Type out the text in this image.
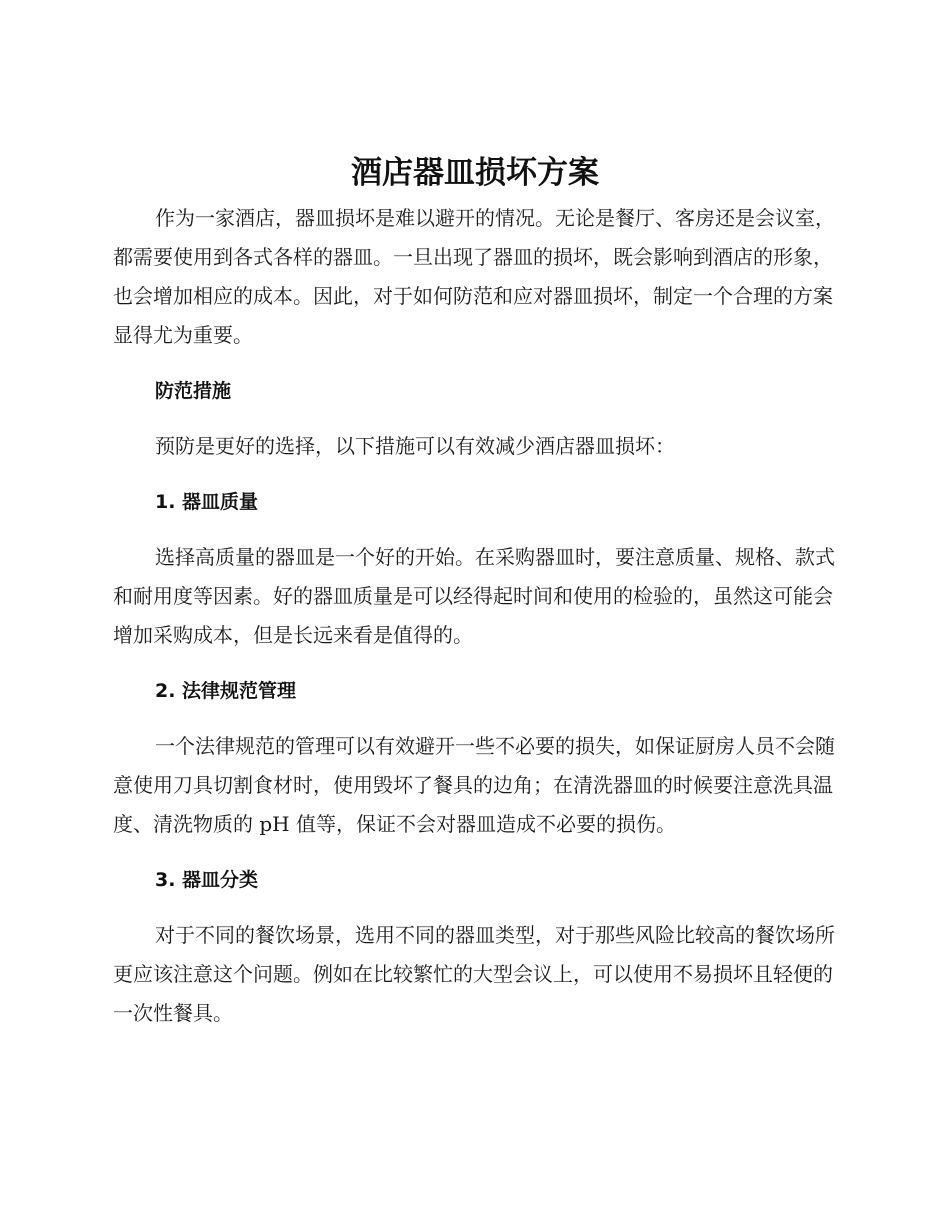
酒店器皿损坏方案

作为一家酒店，器皿损坏是难以避开的情况。无论是餐厅、客房还是会议室，都需要使用到各式各样的器皿。一旦出现了器皿的损坏，既会影响到酒店的形象，也会增加相应的成本。因此，对于如何防范和应对器皿损坏，制定一个合理的方案显得尤为重要。

防范措施

预防是更好的选择，以下措施可以有效减少酒店器皿损坏：

1. 器皿质量

选择高质量的器皿是一个好的开始。在采购器皿时，要注意质量、规格、款式和耐用度等因素。好的器皿质量是可以经得起时间和使用的检验的，虽然这可能会增加采购成本，但是长远来看是值得的。

2. 法律规范管理

一个法律规范的管理可以有效避开一些不必要的损失，如保证厨房人员不会随意使用刀具切割食材时，使用毁坏了餐具的边角；在清洗器皿的时候要注意洗具温度、清洗物质的 pH 值等，保证不会对器皿造成不必要的损伤。

3. 器皿分类

对于不同的餐饮场景，选用不同的器皿类型，对于那些风险比较高的餐饮场所更应该注意这个问题。例如在比较繁忙的大型会议上，可以使用不易损坏且轻便的一次性餐具。
